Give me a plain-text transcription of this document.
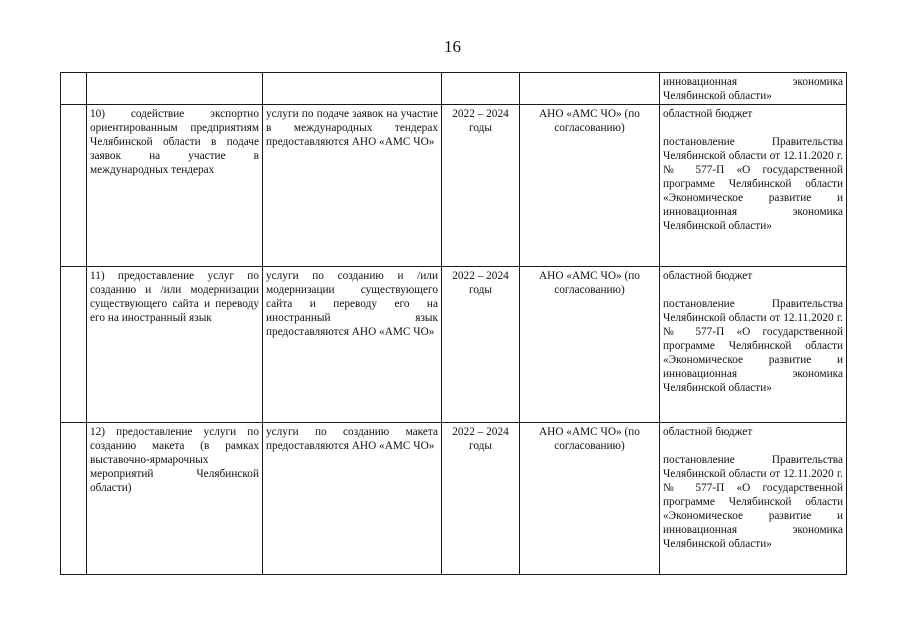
16

					инновационная экономика
Челябинской области»

	10) содействие экспортно ориентированным предприятиям Челябинской области в подаче заявок на участие в международных тендерах	услуги по подаче заявок на участие в международных тендерах предоставляются АНО «АМС ЧО»	2022 – 2024 годы	АНО «АМС ЧО» (по согласованию)	областной бюджет
постановление Правительства Челябинской области от 12.11.2020 г. № 577-П «О государственной программе Челябинской области «Экономическое развитие и инновационная экономика Челябинской области»

	11) предоставление услуг по созданию и /или модернизации существующего сайта и переводу его на иностранный язык	услуги по созданию и /или модернизации существующего сайта и переводу его на иностранный язык предоставляются АНО «АМС ЧО»	2022 – 2024 годы	АНО «АМС ЧО» (по согласованию)	областной бюджет
постановление Правительства Челябинской области от 12.11.2020 г. № 577-П «О государственной программе Челябинской области «Экономическое развитие и инновационная экономика Челябинской области»

	12) предоставление услуги по созданию макета (в рамках выставочно-ярмарочных мероприятий Челябинской области)	услуги по созданию макета предоставляются АНО «АМС ЧО»	2022 – 2024 годы	АНО «АМС ЧО» (по согласованию)	областной бюджет
постановление Правительства Челябинской области от 12.11.2020 г. № 577-П «О государственной программе Челябинской области «Экономическое развитие и инновационная экономика Челябинской области»
